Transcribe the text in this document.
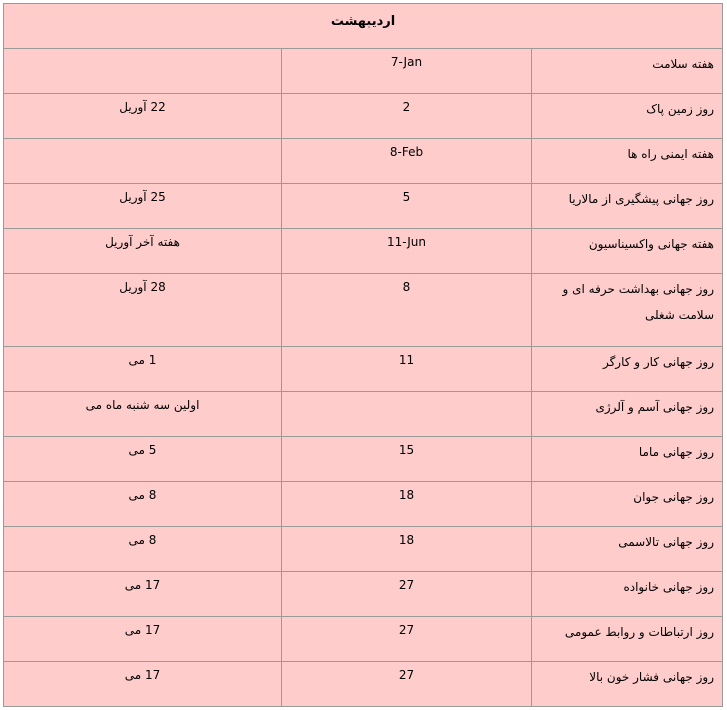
اردیبهشت		
	7-Jan	هفته سلامت
22 آوریل	2	روز زمین پاک
	8-Feb	هفته ایمنی راه ها
25 آوریل	5	روز جهانی پیشگیری از مالاریا
هفته آخر آوریل	11-Jun	هفته جهانی واکسیناسیون
28 آوریل	8	روز جهانی بهداشت حرفه ای و سلامت شغلی
1 می	11	روز جهانی کار و کارگر
اولین سه شنبه ماه می		روز جهانی آسم و آلرژی
5 می	15	روز جهانی ماما
8 می	18	روز جهانی جوان
8 می	18	روز جهانی تالاسمی
17 می	27	روز جهانی خانواده
17 می	27	روز ارتباطات و روابط عمومی
17 می	27	روز جهانی فشار خون بالا
